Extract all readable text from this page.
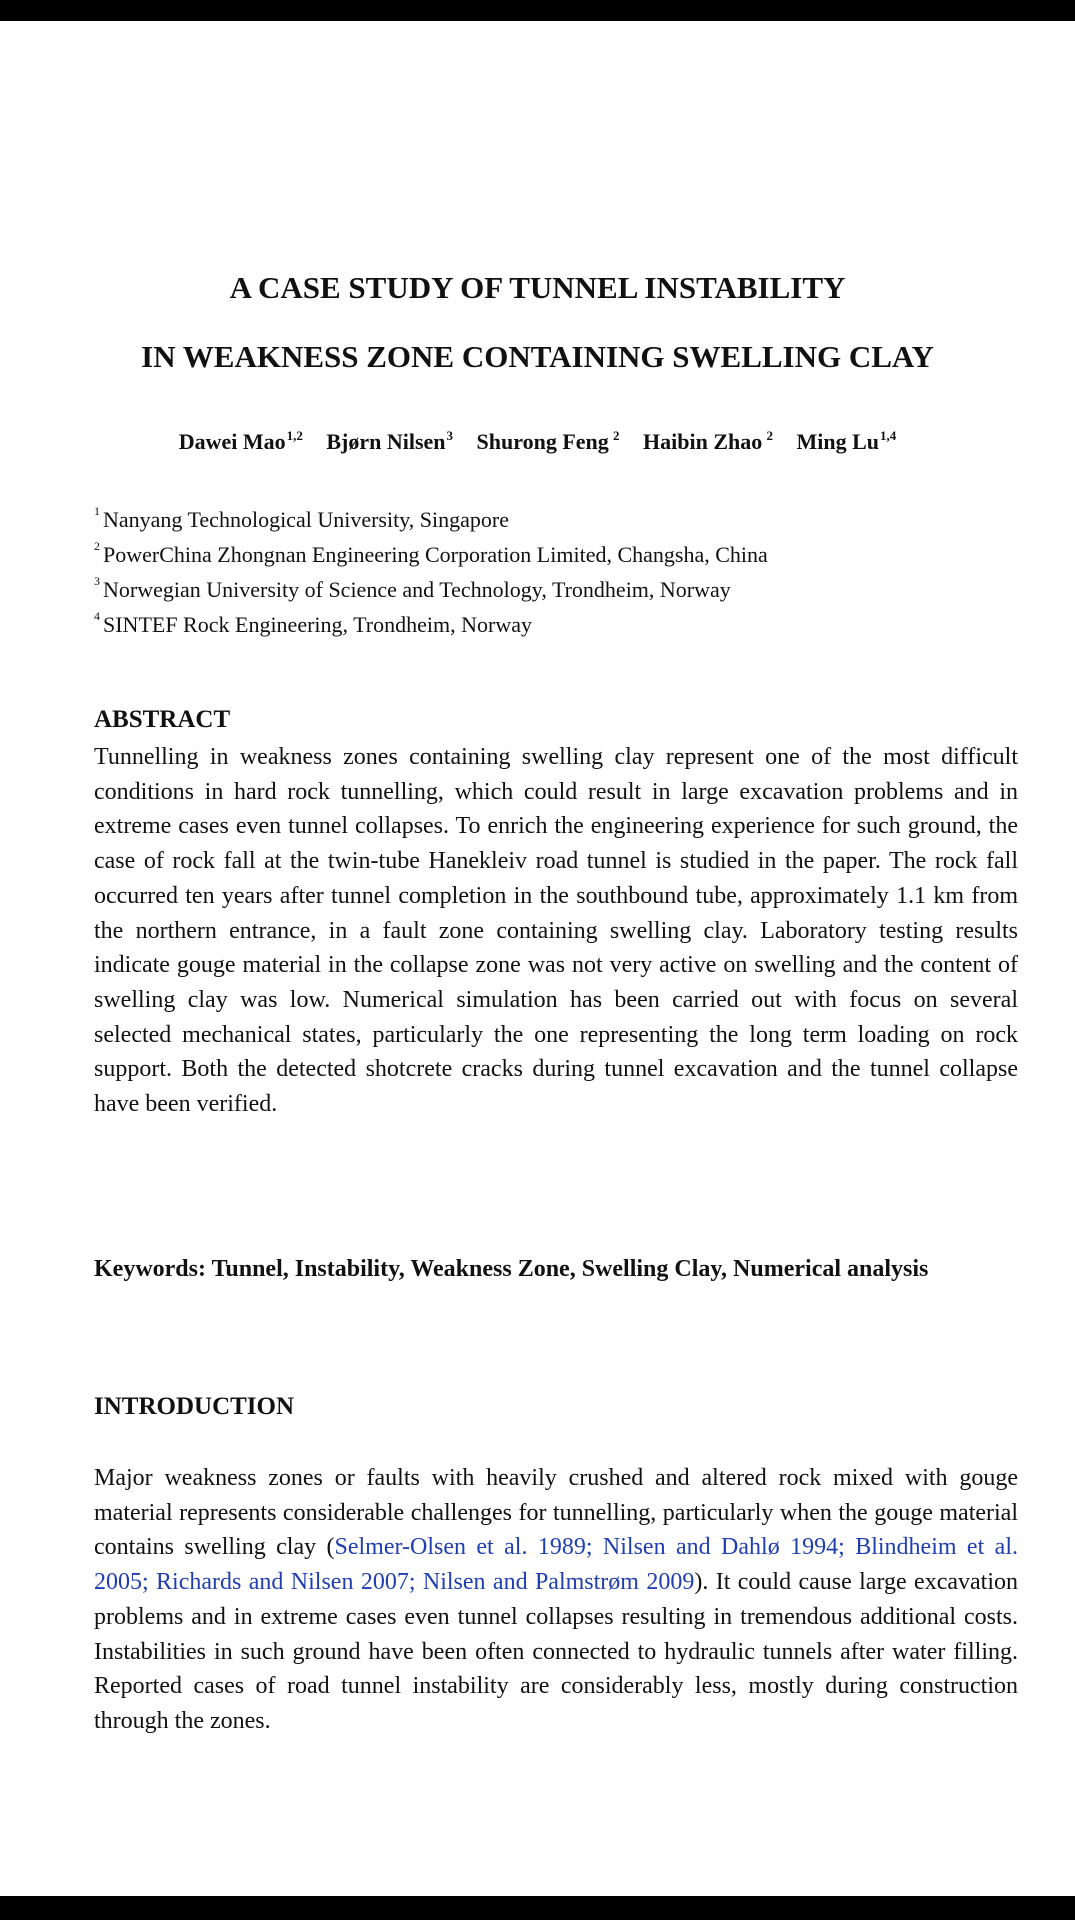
A CASE STUDY OF TUNNEL INSTABILITY
IN WEAKNESS ZONE CONTAINING SWELLING CLAY
Dawei Mao$^{1,2}$ Bjørn Nilsen$^3$ Shurong Feng $^2$ Haibin Zhao $^2$ Ming Lu$^{1,4}$
$^1$ Nanyang Technological University, Singapore
$^2$ PowerChina Zhongnan Engineering Corporation Limited, Changsha, China
$^3$ Norwegian University of Science and Technology, Trondheim, Norway
$^4$ SINTEF Rock Engineering, Trondheim, Norway
ABSTRACT

Tunnelling in weakness zones containing swelling clay represent one of the most difficult conditions in hard rock tunnelling, which could result in large excavation problems and in extreme cases even tunnel collapses. To enrich the engineering experience for such ground, the case of rock fall at the twin-tube Hanekleiv road tunnel is studied in the paper. The rock fall occurred ten years after tunnel completion in the southbound tube, approximately 1.1 km from the northern entrance, in a fault zone containing swelling clay. Laboratory testing results indicate gouge material in the collapse zone was not very active on swelling and the content of swelling clay was low. Numerical simulation has been carried out with focus on several selected mechanical states, particularly the one representing the long term loading on rock support. Both the detected shotcrete cracks during tunnel excavation and the tunnel collapse have been verified.

Keywords: Tunnel, Instability, Weakness Zone, Swelling Clay, Numerical analysis

INTRODUCTION

Major weakness zones or faults with heavily crushed and altered rock mixed with gouge material represents considerable challenges for tunnelling, particularly when the gouge material contains swelling clay (Selmer-Olsen et al. 1989; Nilsen and Dahlø 1994; Blindheim et al. 2005; Richards and Nilsen 2007; Nilsen and Palmstrøm 2009). It could cause large excavation problems and in extreme cases even tunnel collapses resulting in tremendous additional costs. Instabilities in such ground have been often connected to hydraulic tunnels after water filling. Reported cases of road tunnel instability are considerably less, mostly during construction through the zones.
